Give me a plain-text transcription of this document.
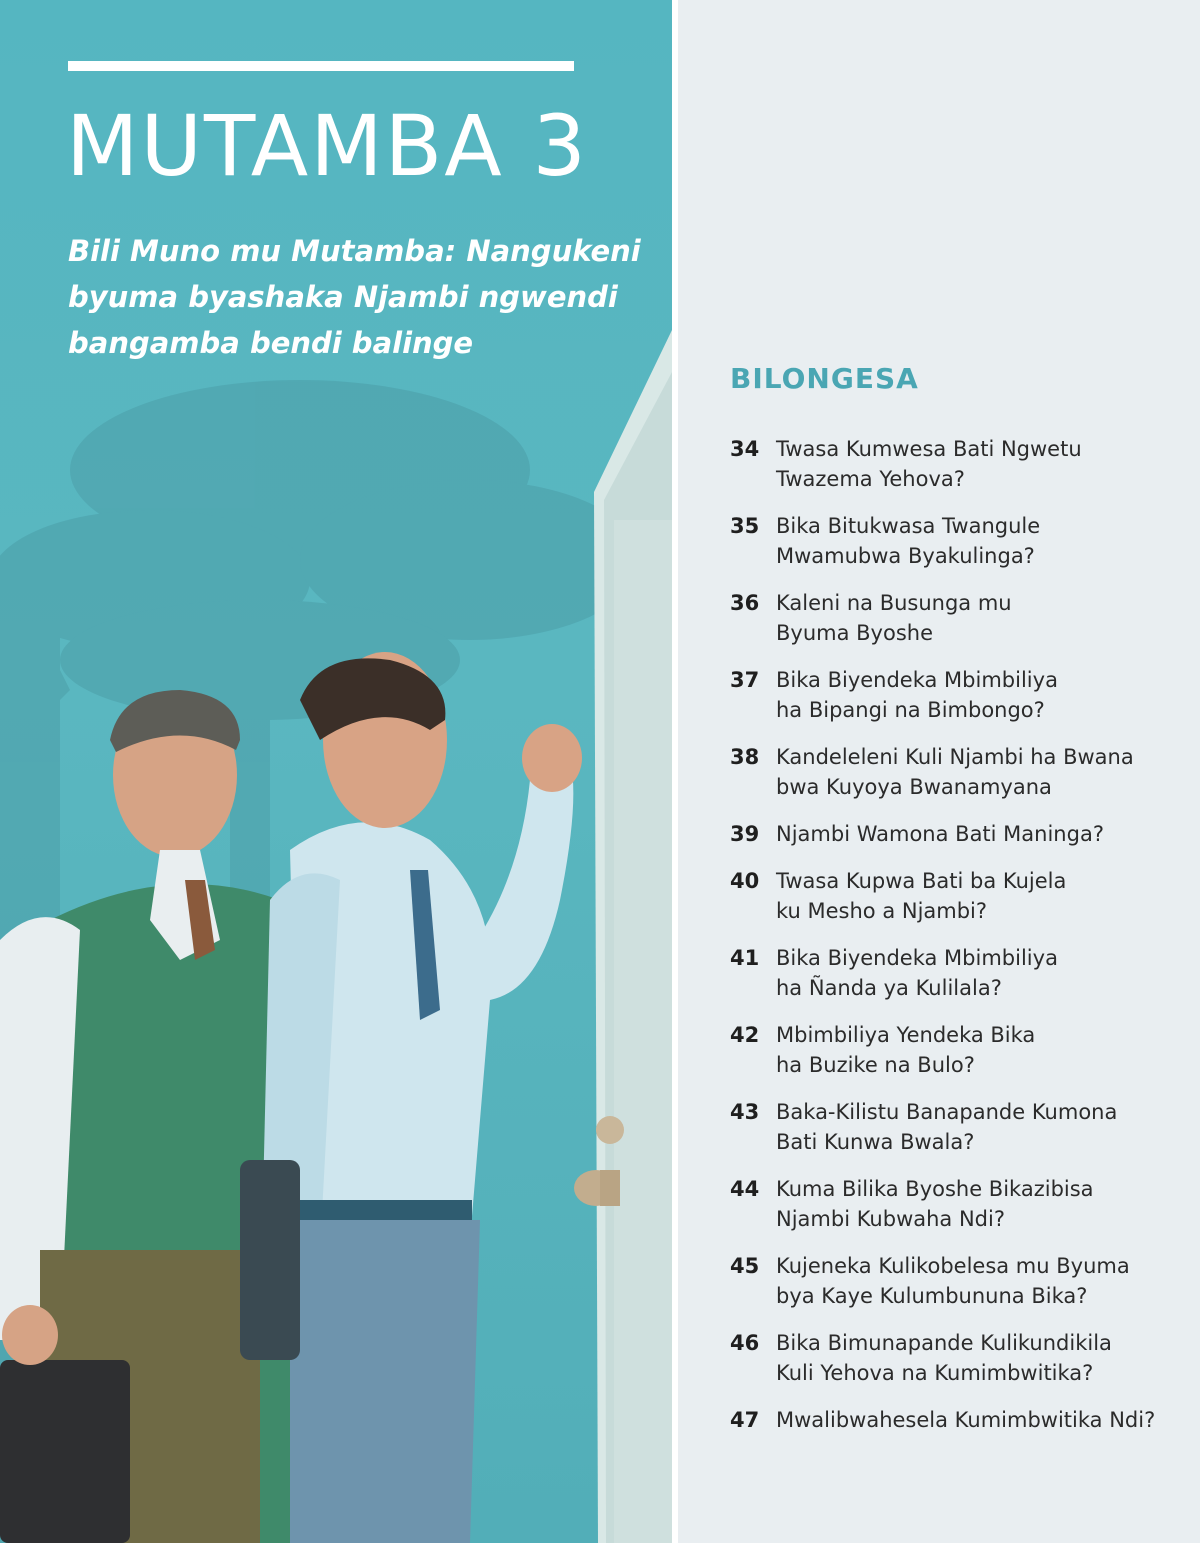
MUTAMBA 3

Bili Muno mu Mutamba: Nangukeni byuma byashaka Njambi ngwendi bangamba bendi balinge

BILONGESA
34 Twasa Kumwesa Bati Ngwetu
Twazema Yehova?
35 Bika Bitukwasa Twangule
Mwamubwa Byakulinga?
36 Kaleni na Busunga mu
Byuma Byoshe
37 Bika Biyendeka Mbimbiliya
ha Bipangi na Bimbongo?
38 Kandeleleni Kuli Njambi ha Bwana
bwa Kuyoya Bwanamyana
39 Njambi Wamona Bati Maninga?
40 Twasa Kupwa Bati ba Kujela
ku Mesho a Njambi?
41 Bika Biyendeka Mbimbiliya
ha Ñanda ya Kulilala?
42 Mbimbiliya Yendeka Bika
ha Buzike na Bulo?
43 Baka-Kilistu Banapande Kumona
Bati Kunwa Bwala?
44 Kuma Bilika Byoshe Bikazibisa
Njambi Kubwaha Ndi?
45 Kujeneka Kulikobelesa mu Byuma
bya Kaye Kulumbununa Bika?
46 Bika Bimunapande Kulikundikila
Kuli Yehova na Kumimbwitika?
47 Mwalibwahesela Kumimbwitika Ndi?
